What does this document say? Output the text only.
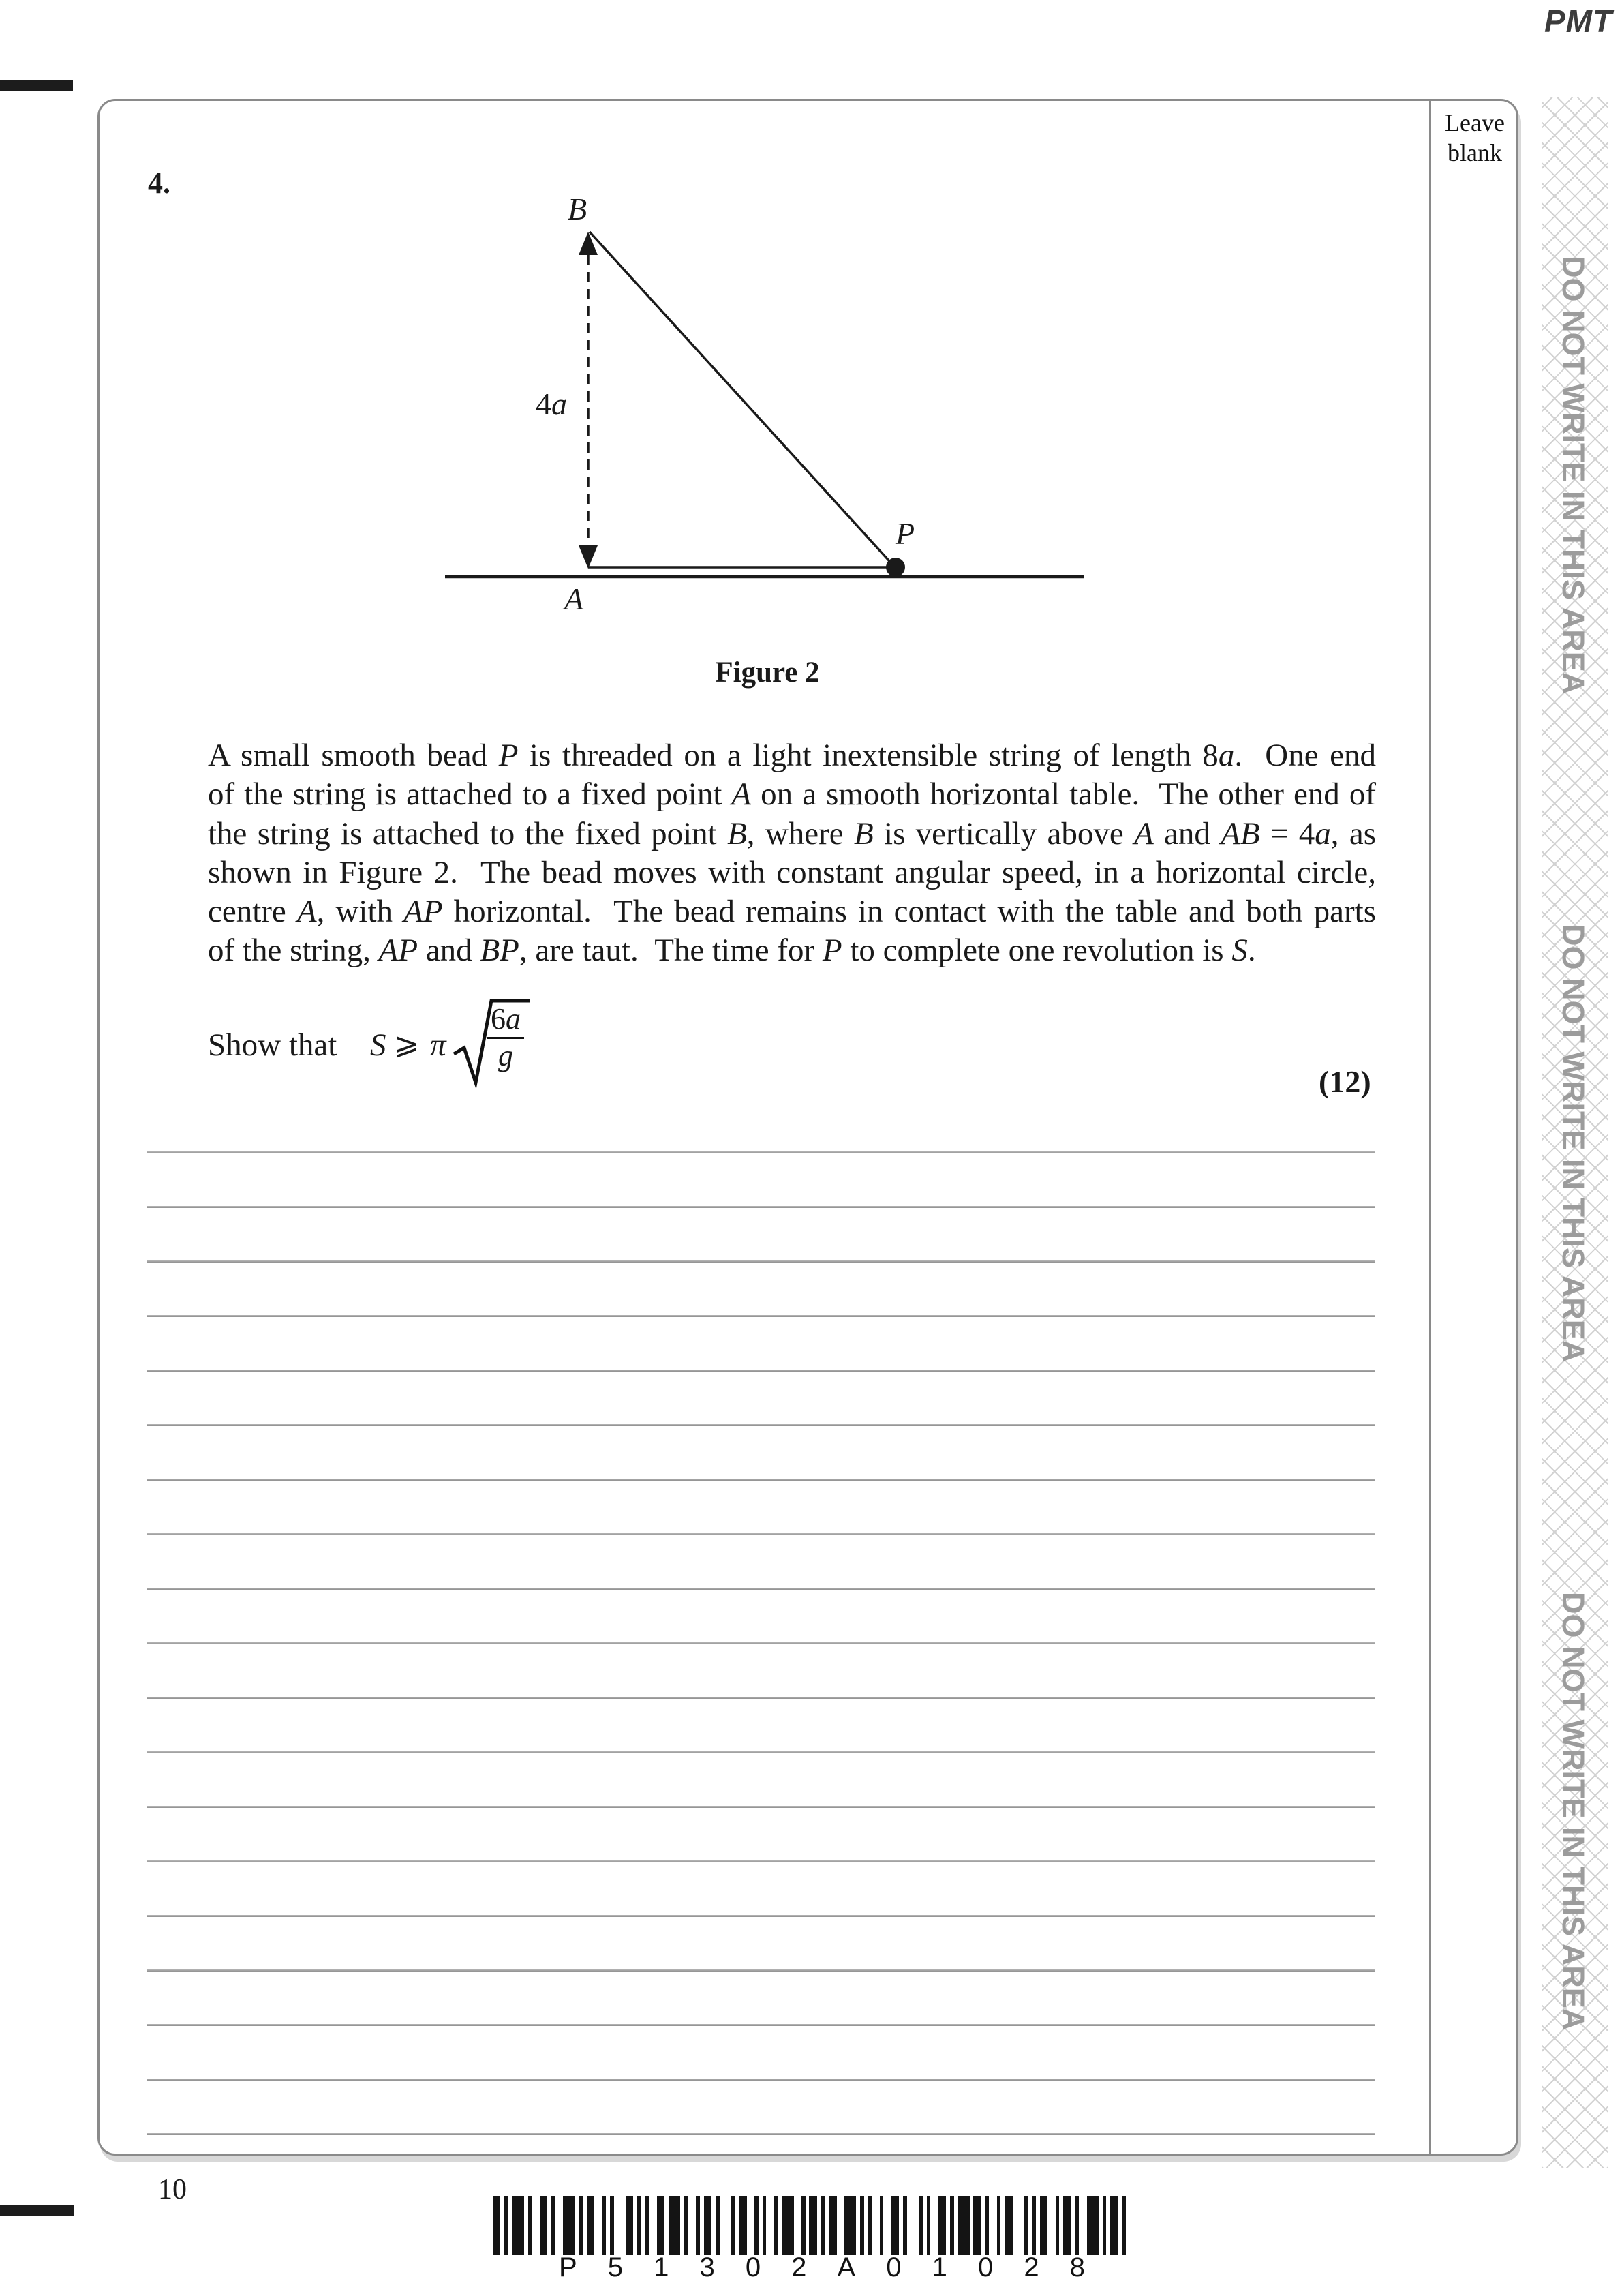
PMT
Leave
blank
4.
B
4a
A
P
Figure 2
A small smooth bead P is threaded on a light inextensible string of length 8a.  One end
of the string is attached to a fixed point A on a smooth horizontal table.  The other end of
the string is attached to the fixed point B, where B is vertically above A and AB = 4a, as
shown in Figure 2.  The bead moves with constant angular speed, in a horizontal circle,
centre A, with AP horizontal.  The bead remains in contact with the table and both parts
of the string, AP and BP, are taut.  The time for P to complete one revolution is S.
Show that S ⩾ π
6a
g
(12)
DO NOT WRITE IN THIS AREA
DO NOT WRITE IN THIS AREA
DO NOT WRITE IN THIS AREA
10
P 5 1 3 0 2 A 0 1 0 2 8
